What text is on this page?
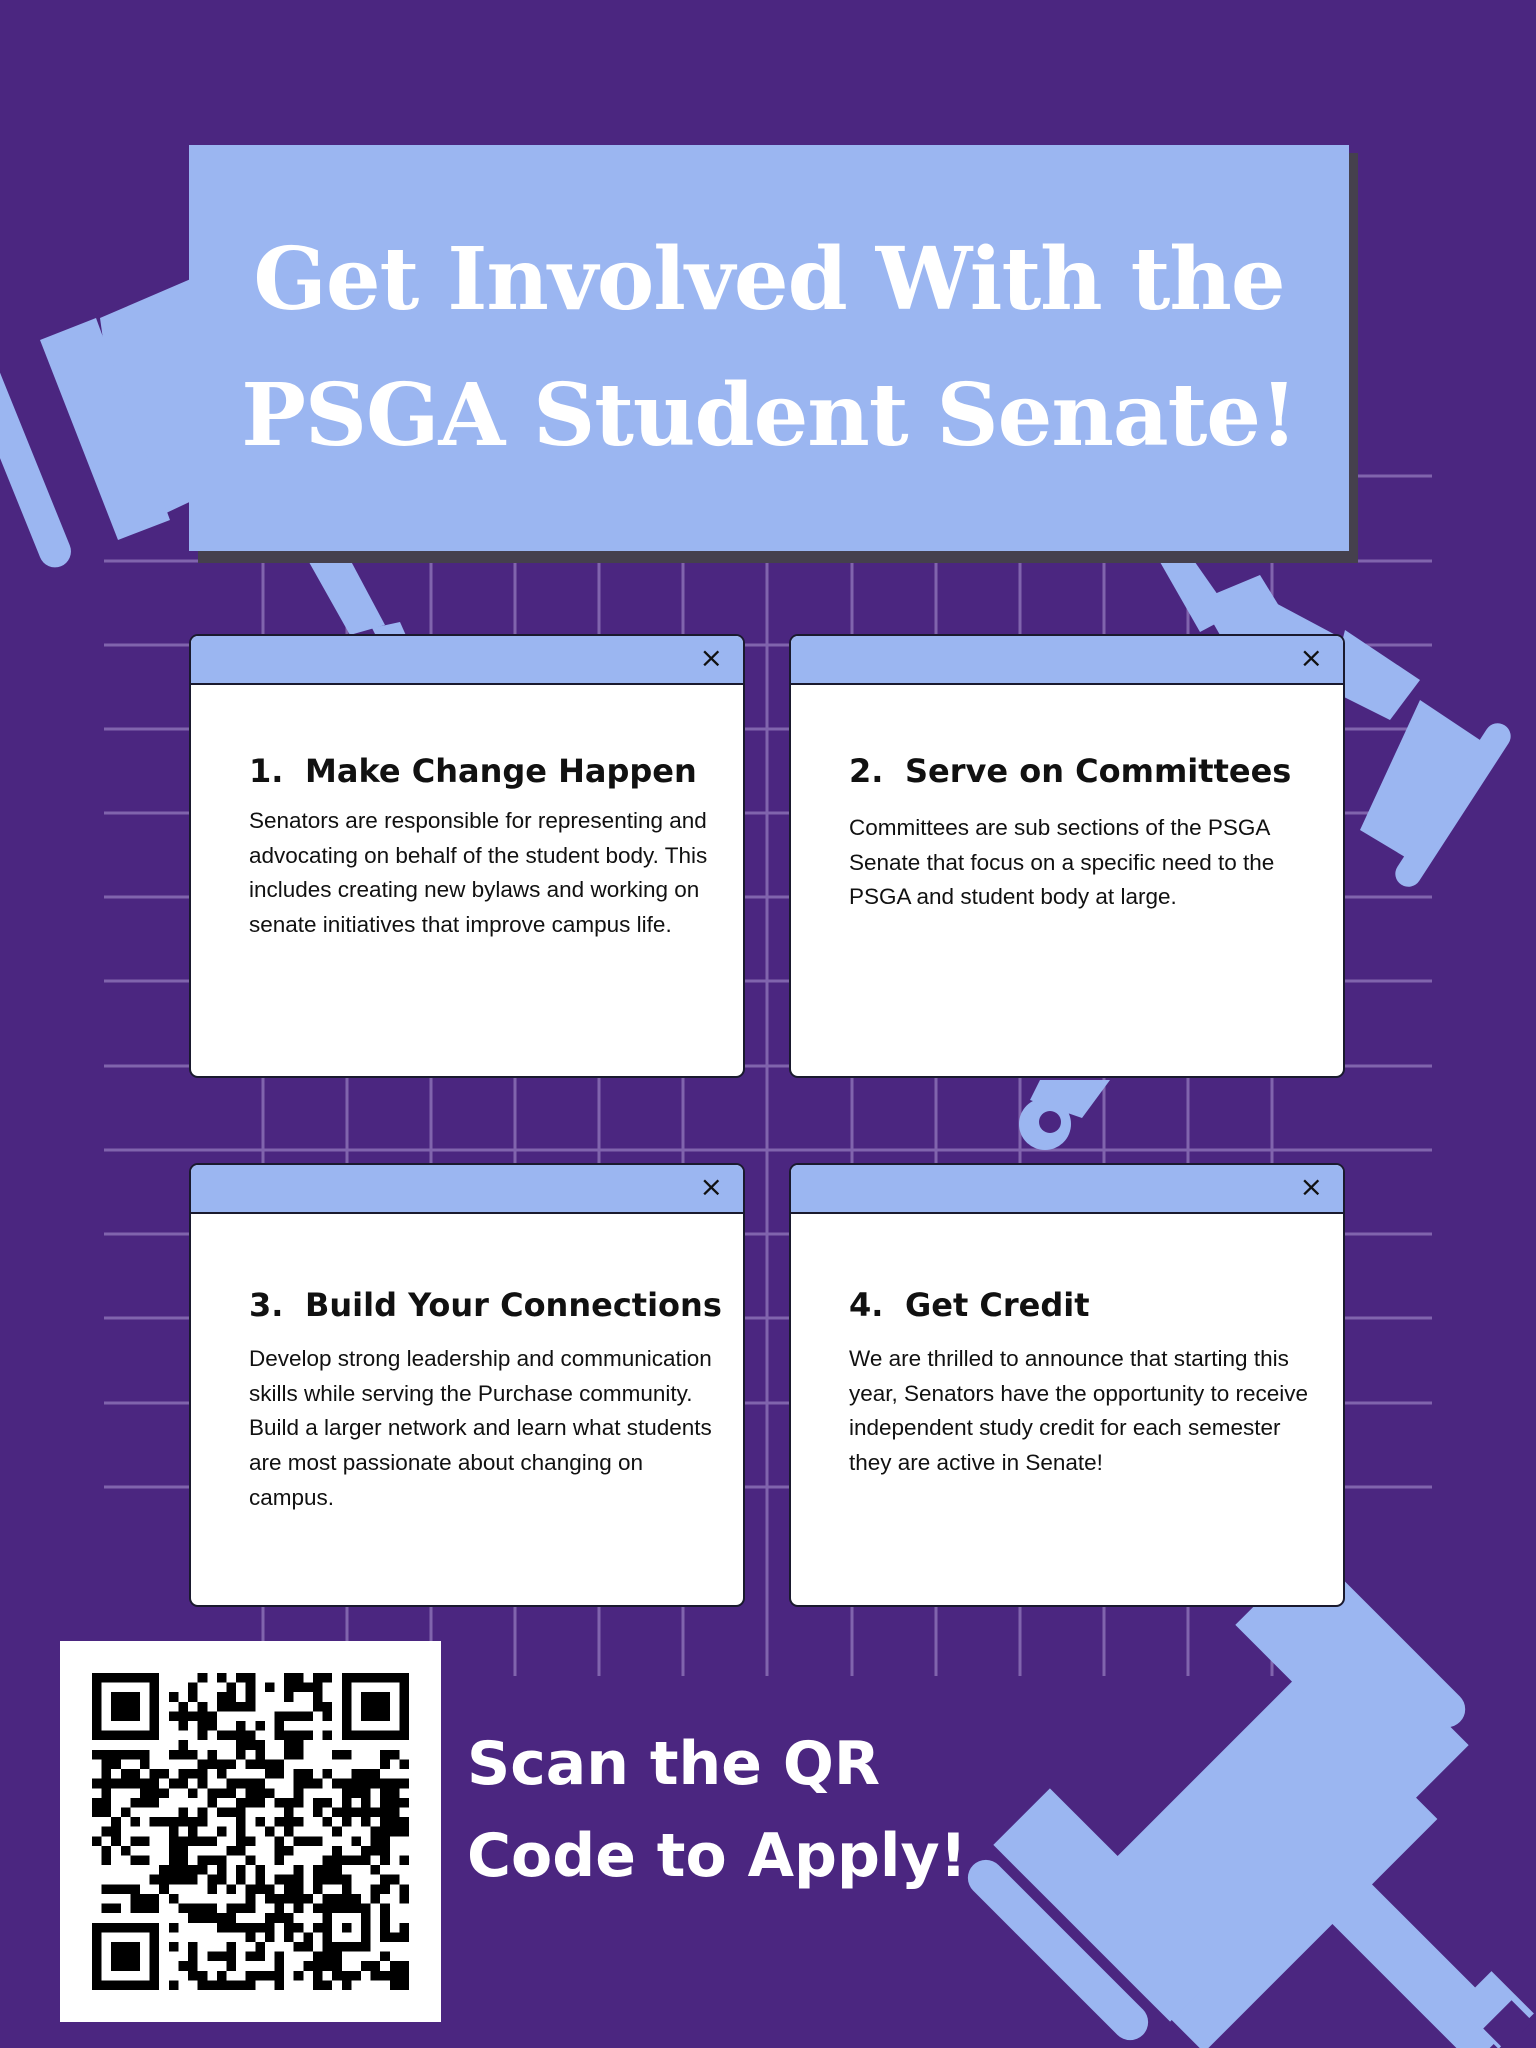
Get Involved With the
PSGA Student Senate!
×
1. Make Change Happen
Senators are responsible for representing and advocating on behalf of the student body. This includes creating new bylaws and working on senate initiatives that improve campus life.
×
2. Serve on Committees
Committees are sub sections of the PSGA Senate that focus on a specific need to the PSGA and student body at large.
×
3. Build Your Connections
Develop strong leadership and communication skills while serving the Purchase community. Build a larger network and learn what students are most passionate about changing on campus.
×
4. Get Credit
We are thrilled to announce that starting this year, Senators have the opportunity to receive independent study credit for each semester they are active in Senate!
Scan the QR
Code to Apply!
